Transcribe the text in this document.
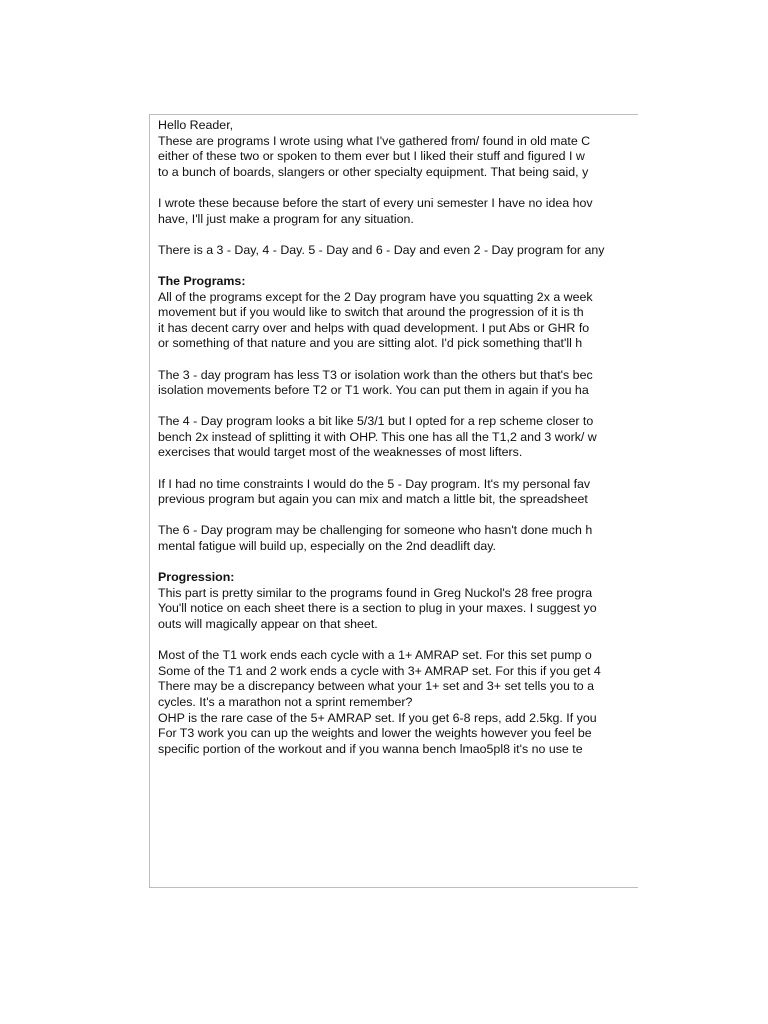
Hello Reader,
These are programs I wrote using what I've gathered from/ found in old mate C
either of these two or spoken to them ever but I liked their stuff and figured I w
to a bunch of boards, slangers or other specialty equipment. That being said, y
I wrote these because before the start of every uni semester I have no idea hov
have, I'll just make a program for any situation.
There is a 3 - Day, 4 - Day. 5 - Day and 6 - Day and even 2 - Day program for any
The Programs:
All of the programs except for the 2 Day program have you squatting 2x a week
movement but if you would like to switch that around the progression of it is th
it has decent carry over and helps with quad development. I put Abs or GHR fo
or something of that nature and you are sitting alot. I'd pick something that'll h
The 3 - day program has less T3 or isolation work than the others but that's bec
isolation movements before T2 or T1 work. You can put them in again if you ha
The 4 - Day program looks a bit like 5/3/1 but I opted for a rep scheme closer to
bench 2x instead of splitting it with OHP. This one has all the T1,2 and 3 work/ w
exercises that would target most of the weaknesses of most lifters.
If I had no time constraints I would do the 5 - Day program. It's my personal fav
previous program but again you can mix and match a little bit, the spreadsheet
The 6 - Day program may be challenging for someone who hasn't done much h
mental fatigue will build up, especially on the 2nd deadlift day.
Progression:
This part is pretty similar to the programs found in Greg Nuckol's 28 free progra
You'll notice on each sheet there is a section to plug in your maxes. I suggest yo
outs will magically appear on that sheet.
Most of the T1 work ends each cycle with a 1+ AMRAP set. For this set pump o
Some of the T1 and 2 work ends a cycle with 3+ AMRAP set. For this if you get 4
There may be a discrepancy between what your 1+ set and 3+ set tells you to a
cycles. It's a marathon not a sprint remember?
OHP is the rare case of the 5+ AMRAP set. If you get 6-8 reps, add 2.5kg. If you
For T3 work you can up the weights and lower the weights however you feel be
specific portion of the workout and if you wanna bench lmao5pl8 it's no use te
